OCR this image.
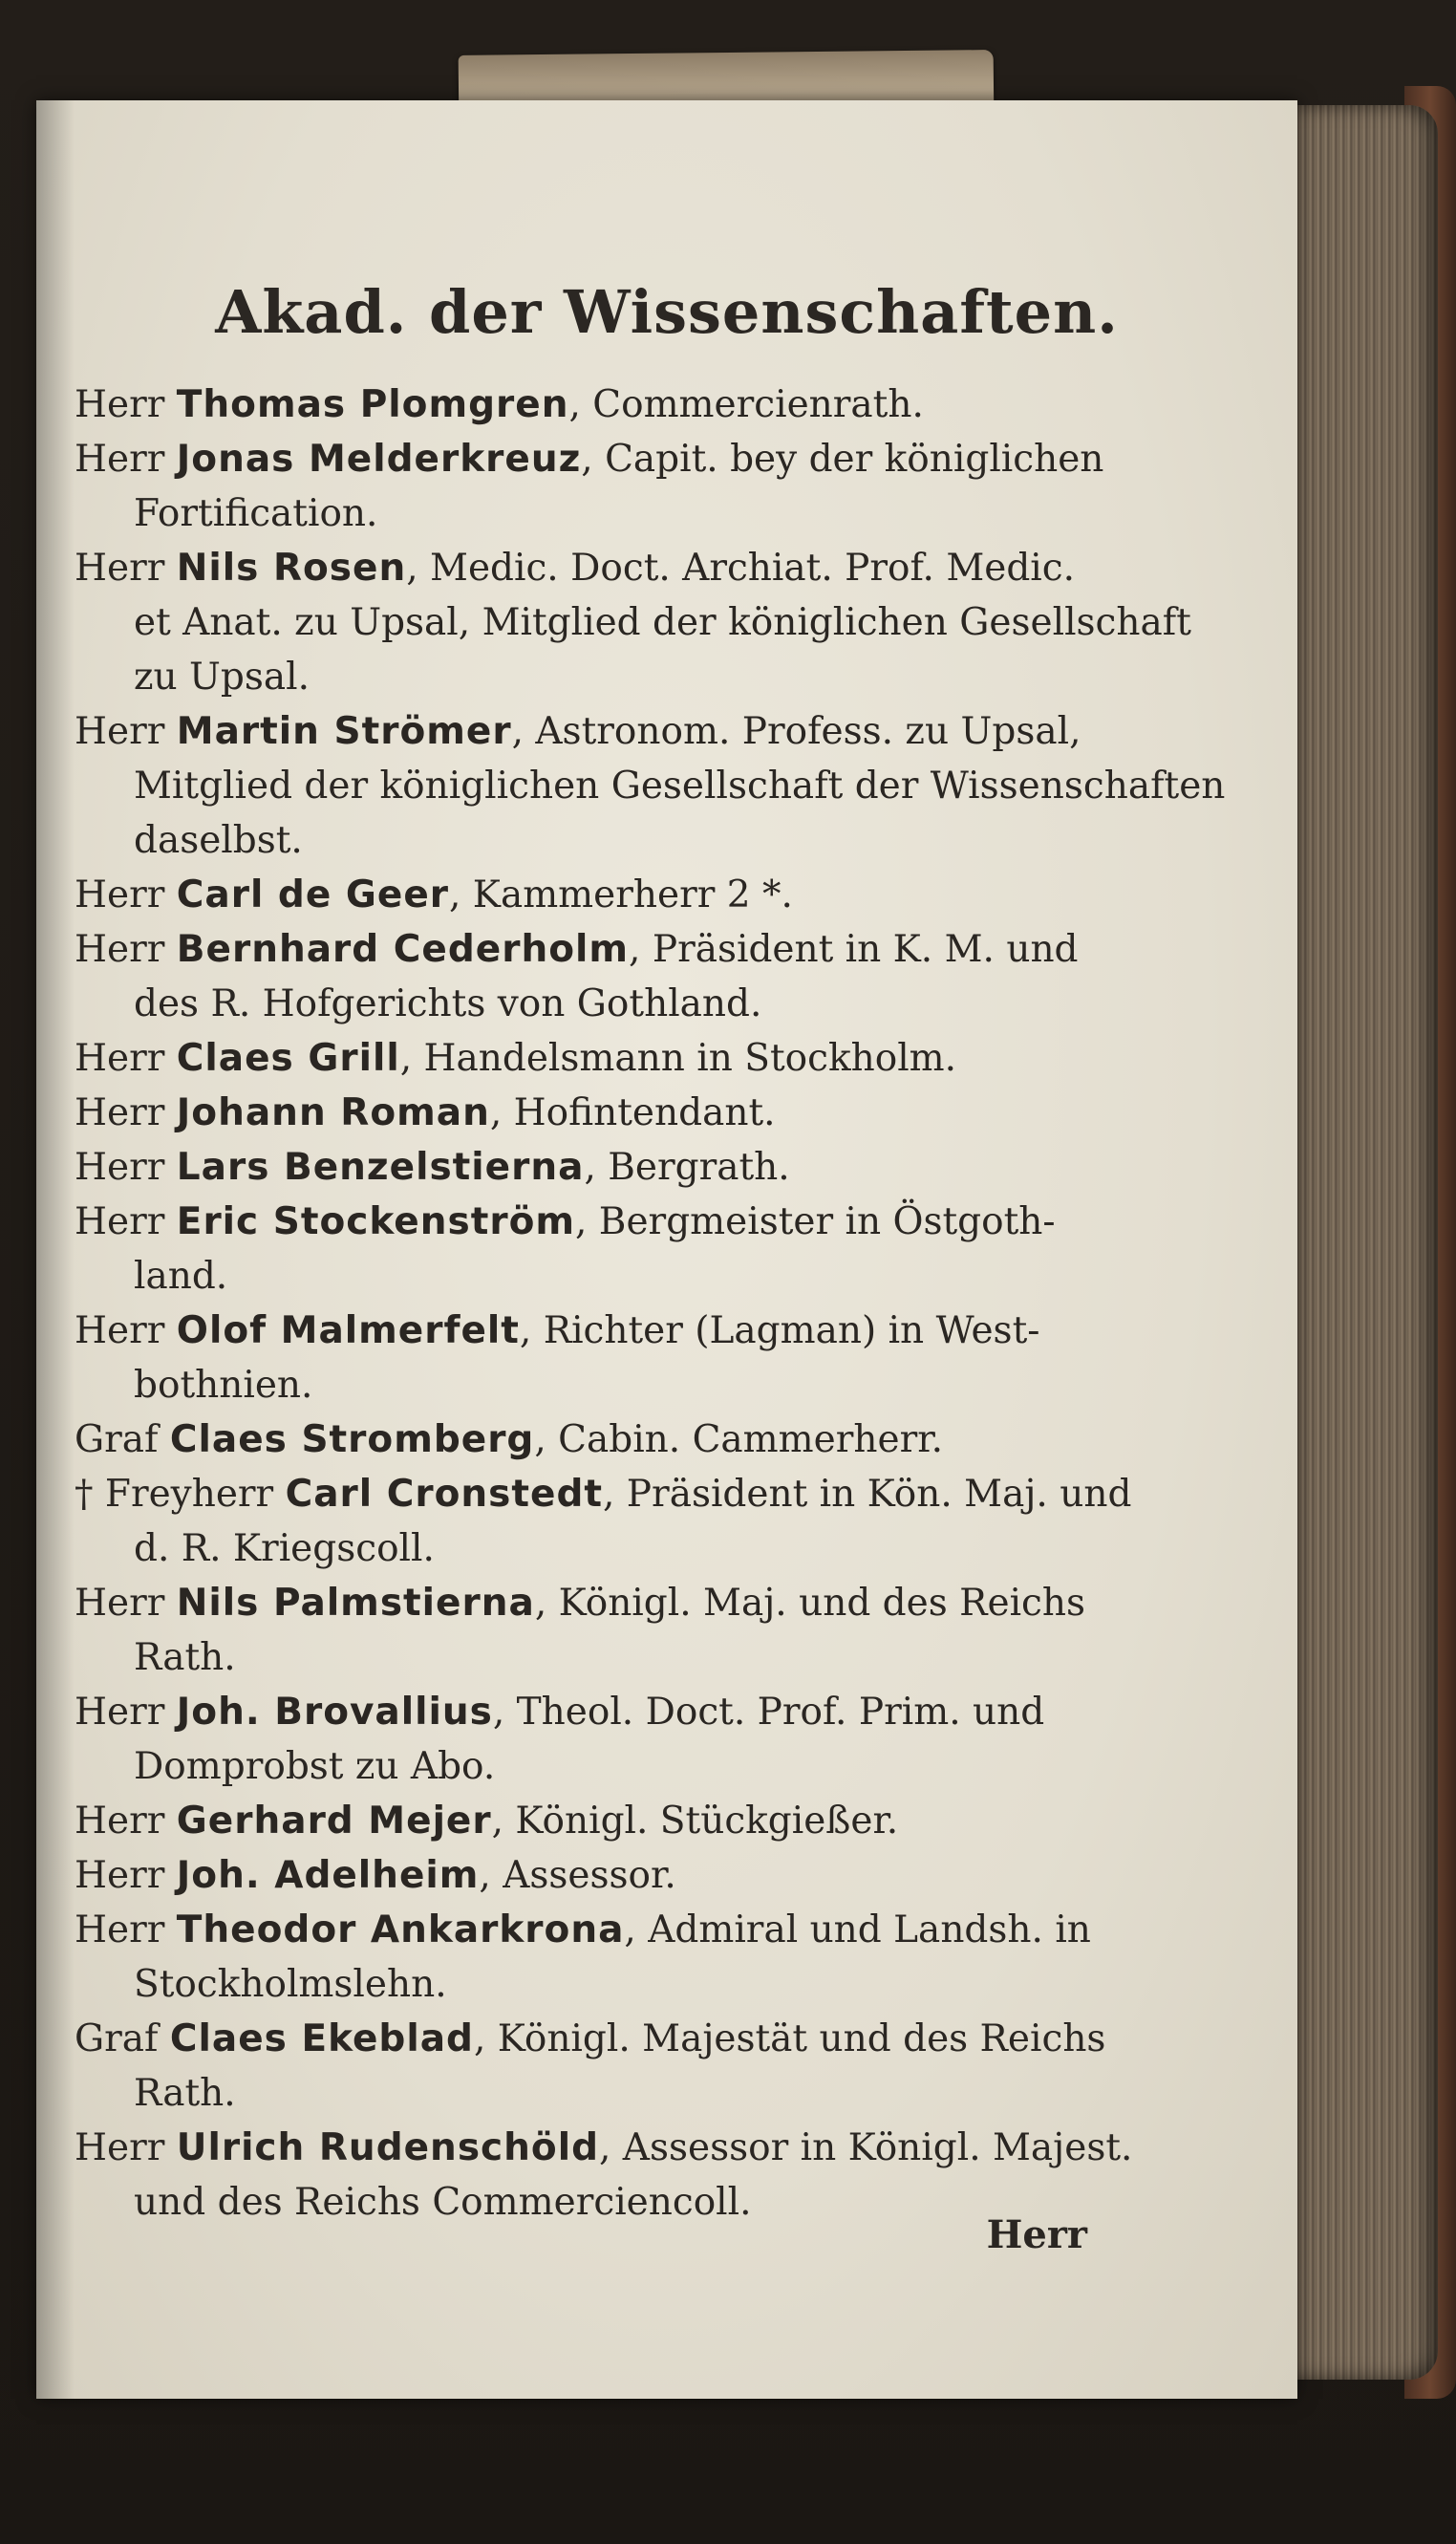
Akad. der Wissenschaften.

Herr Thomas Plomgren, Commercienrath.

Herr Jonas Melderkreuz, Capit. bey der königlichen
Fortification.

Herr Nils Rosen, Medic. Doct. Archiat. Prof. Medic.
et Anat. zu Upsal, Mitglied der königlichen Gesellschaft
zu Upsal.

Herr Martin Strömer, Astronom. Profess. zu Upsal,
Mitglied der königlichen Gesellschaft der Wissenschaften
daselbst.

Herr Carl de Geer, Kammerherr 2 *.

Herr Bernhard Cederholm, Präsident in K. M. und
des R. Hofgerichts von Gothland.

Herr Claes Grill, Handelsmann in Stockholm.

Herr Johann Roman, Hofintendant.

Herr Lars Benzelstierna, Bergrath.

Herr Eric Stockenström, Bergmeister in Östgoth-
land.

Herr Olof Malmerfelt, Richter (Lagman) in West-
bothnien.

Graf Claes Stromberg, Cabin. Cammerherr.

† Freyherr Carl Cronstedt, Präsident in Kön. Maj. und
d. R. Kriegscoll.

Herr Nils Palmstierna, Königl. Maj. und des Reichs
Rath.

Herr Joh. Brovallius, Theol. Doct. Prof. Prim. und
Domprobst zu Abo.

Herr Gerhard Mejer, Königl. Stückgießer.

Herr Joh. Adelheim, Assessor.

Herr Theodor Ankarkrona, Admiral und Landsh. in
Stockholmslehn.

Graf Claes Ekeblad, Königl. Majestät und des Reichs
Rath.

Herr Ulrich Rudenschöld, Assessor in Königl. Majest.
und des Reichs Commerciencoll.

Herr
